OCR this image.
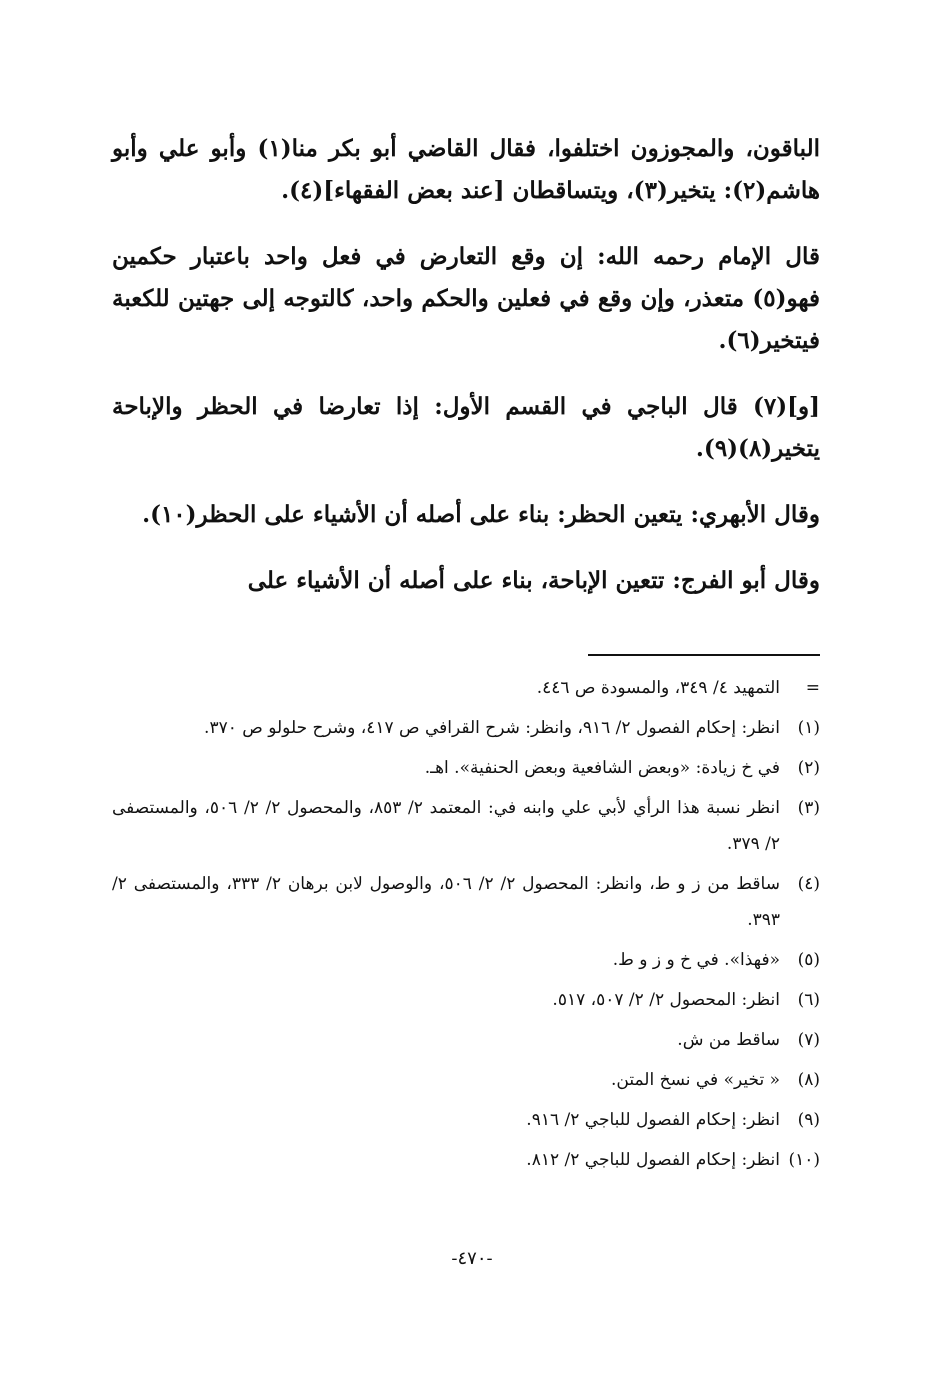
الباقون، والمجوزون اختلفوا، فقال القاضي أبو بكر منا(١) وأبو علي وأبو هاشم(٢): يتخير(٣)، ويتساقطان [عند بعض الفقهاء](٤).

قال الإمام رحمه الله: إن وقع التعارض في فعل واحد باعتبار حكمين فهو(٥) متعذر، وإن وقع في فعلين والحكم واحد، كالتوجه إلى جهتين للكعبة فيتخير(٦).

[و](٧) قال الباجي في القسم الأول: إذا تعارضا في الحظر والإباحة يتخير(٨)(٩).

وقال الأبهري: يتعين الحظر: بناء على أصله أن الأشياء على الحظر(١٠).

وقال أبو الفرج: تتعين الإباحة، بناء على أصله أن الأشياء على

=
التمهيد ٤/ ٣٤٩، والمسودة ص ٤٤٦.
(١)
انظر: إحكام الفصول ٢/ ٩١٦، وانظر: شرح القرافي ص ٤١٧، وشرح حلولو ص ٣٧٠.
(٢)
في خ زيادة: «وبعض الشافعية وبعض الحنفية». اهـ.
(٣)
انظر نسبة هذا الرأي لأبي علي وابنه في: المعتمد ٢/ ٨٥٣، والمحصول ٢/ ٢/ ٥٠٦، والمستصفى ٢/ ٣٧٩.
(٤)
ساقط من ز و ط، وانظر: المحصول ٢/ ٢/ ٥٠٦، والوصول لابن برهان ٢/ ٣٣٣، والمستصفى ٢/ ٣٩٣.
(٥)
«فهذا». في خ و ز و ط.
(٦)
انظر: المحصول ٢/ ٢/ ٥٠٧، ٥١٧.
(٧)
ساقط من ش.
(٨)
« تخير» في نسخ المتن.
(٩)
انظر: إحكام الفصول للباجي ٢/ ٩١٦.
(١٠)
انظر: إحكام الفصول للباجي ٢/ ٨١٢.
-٤٧٠-
